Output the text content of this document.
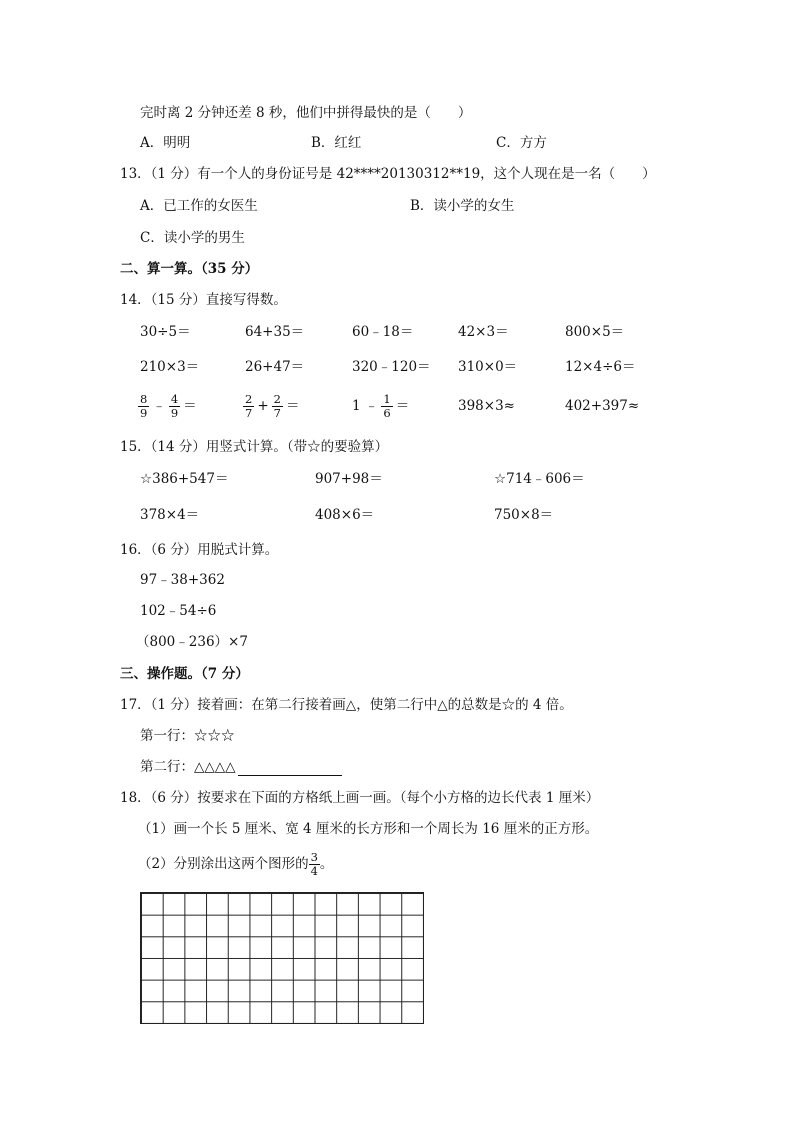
完时离 2 分钟还差 8 秒，他们中拼得最快的是（　　）
A．明明	B．红红	C．方方
13．（1 分）有一个人的身份证号是 42****20130312**19，这个人现在是一名（　　）
A．已工作的女医生	B．读小学的女生
C．读小学的男生
二、算一算。（35 分）
14．（15 分）直接写得数。
30÷5＝	64+35＝	60﹣18＝	42×3＝	800×5＝
210×3＝	26+47＝	320﹣120＝ 310×0＝	12×4÷6＝
$\frac{8}{9}$ ﹣ $\frac{4}{9}$ ＝	$\frac{2}{7} + \frac{2}{7}$ ＝	1 ﹣ $\frac{1}{6}$ ＝	398×3≈	402+397≈
15．（14 分）用竖式计算。（带☆的要验算）
☆386+547＝	907+98＝	☆714﹣606＝
378×4＝	408×6＝	750×8＝
16．（6 分）用脱式计算。
97﹣38+362
102﹣54÷6
（800﹣236）×7
三、操作题。（7 分）
17．（1 分）接着画：在第二行接着画△，使第二行中△的总数是☆的 4 倍。
第一行：☆☆☆
第二行：△△△△
18．（6 分）按要求在下面的方格纸上画一画。（每个小方格的边长代表 1 厘米）
（1）画一个长 5 厘米、宽 4 厘米的长方形和一个周长为 16 厘米的正方形。
（2）分别涂出这两个图形的 $\frac{3}{4}$ 。
